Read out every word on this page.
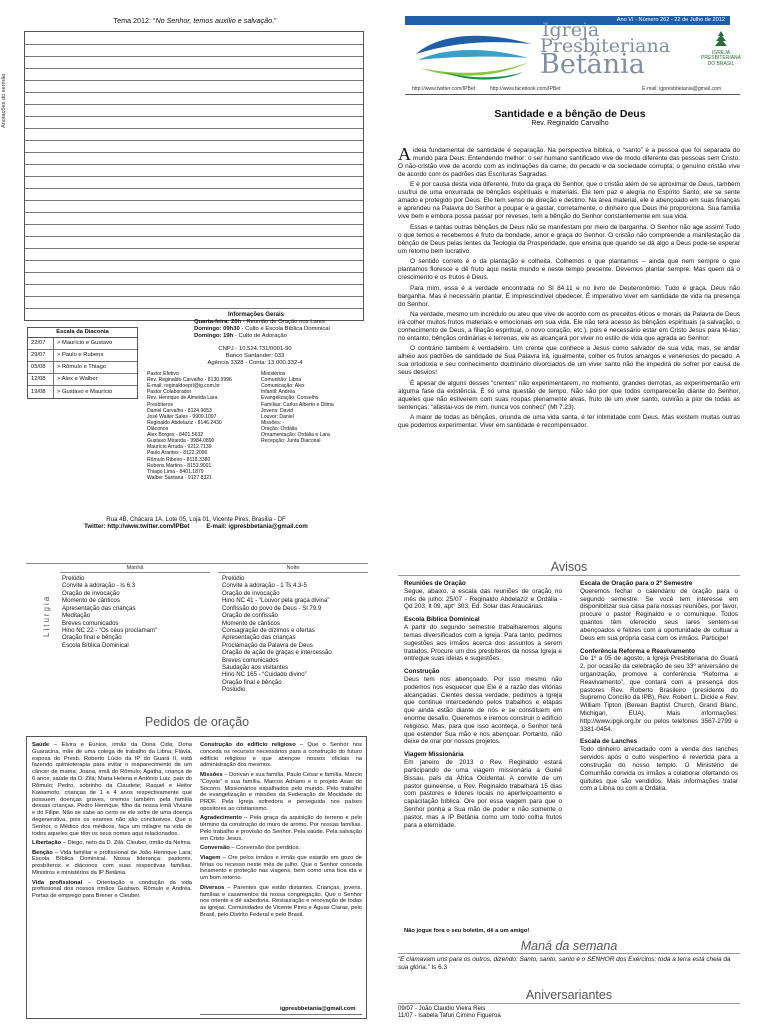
Tema 2012: “No Senhor, temos auxílio e salvação.”
Anotações do sermão
Informações Gerais
Quarta-feira: 20h - Reunião de Oração nos Lares
Domingo: 09h30 - Culto e Escola Bíblica Dominical
Domingo: 19h - Culto de Adoração
CNPJ - 10.524.731/0001-90
Banco Santander: 033
Agência 3328 - Conta: 13.000.332-4
Escala da Diaconia
22/07	> Maurício e Gustavo
29/07	> Paulo e Rubens
05/08	> Rômulo e Thiago
12/08	> Alex e Walber
19/08	> Gustavo e Maurício
Pastor Efetivo
Rev. Reginaldo Carvalho - 8130.9996
E-mail: reginaldoeprl@ig.com.br
Pastor Colaborador
Rev. Henrique de Almeida Lara
Presbíteros
Daniel Carvalho - 8124.9653
José Walter Sales - 9909.1097
Reginaldo Abdelaziz - 8146.2430
Diáconos
Alex Borges - 8401.5632
Gustavo Miranda - 9984.0890
Maurício Arruda - 9212.7139
Paulo Arantes - 8122.2096
Rômulo Ribeiro - 8118.3380
Rubens Martins - 8153.9001
Thiago Lima - 8401.1879
Walber Santana - 9127.8321
Ministérios
Comunhão: Libna
Comunicação: Alex
Infantil: Andréa
Evangelização: Conselho
Famílias: Carlos Alberto e Dilma
Jovens: David
Louvor: Daniel
Missões: -
Oração: Ordália
Ornamentação: Ordália e Lara
Recepção: Junta Diaconal
Rua 4B, Chácara 1A, Lote 05, Loja 01, Vicente Pires, Brasília - DF
Twitter: http://www.twitter.com/IPBet	E-mail: igpresbbetania@gmail.com
Ano VI - Número 262 - 22 de Julho de 2012
Igreja
Presbiteriana
Betânia	IGREJA
PRESBITERIANA
DO BRASIL
http://www.twitter.com/IPBet	http://www.facebook.com/IPBet	E-mail: igpresbbetania@gmail.com
Santidade e a bênção de Deus
Rev. Reginaldo Carvalho

A ideia fundamental de santidade é separação. Na perspectiva bíblica, o “santo” é a pessoa que foi separada do mundo para Deus. Entendendo melhor: o ser humano santificado vive de modo diferente das pessoas sem Cristo. O não-cristão vive de acordo com as inclinações da carne, do pecado e da sociedade corrupta; o genuíno cristão vive de acordo com os padrões das Escrituras Sagradas.

E é por causa desta vida diferente, fruto da graça do Senhor, que o cristão além de se aproximar de Deus, também usufrui de uma enxurrada de bênçãos espirituais e materiais. Ele tem paz e alegria no Espírito Santo; ele se sente amado e protegido por Deus. Ele tem senso de direção e destino. Na área material, ele é abençoado em suas finanças e aprendeu na Palavra do Senhor a poupar e a gastar, corretamente, o dinheiro que Deus lhe proporciona. Sua família vive bem e embora possa passar por reveses, tem a bênção do Senhor constantemente em sua vida.

Essas e tantas outras bênçãos de Deus não se manifestam por meio de barganha. O Senhor não age assim! Tudo o que temos e recebemos é fruto da bondade, amor e graça do Senhor. O cristão não compreende a manifestação da bênção de Deus pelas lentes da Teologia da Prosperidade, que ensina que quando se dá algo a Deus pode-se esperar um retorno bem lucrativo.

O sentido correto é o da plantação e colheita. Colhemos o que plantamos – ainda que nem sempre o que plantamos floresce e dê fruto aqui neste mundo e neste tempo presente. Devemos plantar sempre. Mas quem dá o crescimento e os frutos é Deus.

Para mim, essa é a verdade encontrada no Sl 84.11 e no livro de Deuteronômio. Tudo é graça. Deus não barganha. Mas é necessário plantar. É imprescindível obedecer. É imperativo viver em santidade de vida na presença do Senhor.

Na verdade, mesmo um incrédulo ou ateu que vive de acordo com os preceitos éticos e morais da Palavra de Deus irá colher muitos frutos materiais e emocionais em sua vida. Ele não terá acesso às bênçãos espirituais (a salvação, o conhecimento de Deus, a filiação espiritual, o novo coração, etc.), pois é necessário estar em Cristo Jesus para tê-las; no entanto, bênçãos ordinárias e terrenas, ele as alcançará por viver no estilo de vida que agrada ao Senhor.

O contrário também é verdadeiro. Um crente que conhece a Jesus como salvador de sua vida, mas, se andar alheio aos padrões de santidade de Sua Palavra irá, igualmente, colher os frutos amargos e venenosos do pecado. A sua ortodoxia e seu conhecimento doutrinário divorciados de um viver santo não lhe impedirá de sofrer por causa de seus desvios!

É apesar de alguns desses “crentes” não experimentarem, no momento, grandes derrotas, as experimentarão em alguma fase da existência. É só uma questão de tempo. Não são por que todos comparecerão diante do Senhor, aqueles que não estiverem com suas roupas plenamente alvas, fruto de um viver santo, ouvirão a pior de todas as sentenças: “afastai-vos de mim, nunca vos conheci” (Mt 7.23).

A maior de todas as bênçãos, oriunda de uma vida santa, é ter intimidade com Deus. Mas existem muitas outras que podemos experimentar. Viver em santidade é recompensador.

Manhã	Noite
Liturgia
Prelúdio
Convite à adoração - Is 6.3
Oração de invocação
Momento de cânticos
Apresentação das crianças
Meditação
Breves comunicados
Hino NC 22 - “Os céus proclamam”
Oração final e bênção
Escola Bíblica Dominical
Prelúdio
Convite à adoração - 1 Ts 4.3-5
Oração de invocação
Hino NC 41 - “Louvor pela graça divina”
Confissão do povo de Deus - Sl 79.9
Oração de confissão
Momento de cânticos
Consagração de dízimos e ofertas
Apresentação das crianças
Proclamação da Palavra de Deus
Oração de ação de graças e intercessão
Breves comunicados
Saudação aos visitantes
Hino NC 165 - “Cuidado divino”
Oração final e bênção
Poslúdio
Pedidos de oração

Saúde – Elvira e Eunice, irmãs da Dona Cida; Dona Guaracina, mãe de uma colega de trabalho da Libna; Flávia, esposa do Presb. Roberto Lúcio da IP do Guará II, está fazendo quimioterapia para evitar o reaparecimento de um câncer de mama; Joana, irmã do Rômulo; Agatha, criança de 6 anos; saúde da D. Zilá; Maria Helena e Antônio Luiz, pais do Rômulo; Pedro, sobrinho da Claudete; Raquel e Heitor Kawamoto, crianças de 1 e 4 anos respectivamente que possuem doenças graves, oremos também pela família dessas crianças. Pedro Henrique, filho da nossa irmã Viviane e do Filipe. Não se sabe ao certo se ele sofre de uma doença degenerativa, pois os exames não são conclusivos. Que o Senhor, o Médico dos médicos, faça um milagre na vida de todos aqueles que têm os seus nomes aqui relacionados.

Libertação – Diego, neto da D. Zilá. Cleuber, irmão da Nelma.

Benção – Vida familiar e profissional de João Henrique Lara; Escola Bíblica Dominical. Nossa liderança: pastores, presbíteros e diáconos com suas respectivas famílias. Ministros e ministérios da IP Betânia.

Vida profissional – Orientação e condução da vida profissional dos nossos irmãos Gustavo, Rômulo e Andréa. Portas de emprego para Brener e Cleuber.

Construção do edifício religioso – Que o Senhor nos conceda os recursos necessários para a construção do futuro edifício religioso e que abençoe nossos oficiais na administração dos mesmos.

Missões – Dorivan e sua família, Paulo César e família. Marcio “Coyote” e sua família. Marcos Adriano e o projeto Asas do Socorro. Missionários espalhados pelo mundo. Pelo trabalho de evangelização e missões da Federação de Mocidade do PRDF. Pela Igreja sofredora e perseguida nos países opositores ao cristianismo.

Agradecimento – Pela graça da aquisição do terreno e pelo término da construção do muro de arrimo. Por nossas famílias. Pelo trabalho e provisão do Senhor. Pela saúde. Pela salvação em Cristo Jesus.

Conversão – Conversão dos perdidos.

Viagem – Ore pelos irmãos e irmãs que estarão em gozo de férias ou recesso neste mês de julho. Que o Senhor conceda livramento e proteção nas viagens, bem como uma boa ida e um bom retorno.

Diversos – Parentes que estão distantes. Crianças, jovens, famílias e casamentos da nossa congregação. Que o Senhor nos oriente e dê sabedoria. Restauração e renovação de todas as igrejas. Comunidades de Vicente Pires e Águas Claras, pelo Brasil, pelo Distrito Federal e pelo Brasil.

igpresbbetania@gmail.com
Avisos
Reuniões de Oração
Segue, abaixo, a escala das reuniões de oração no mês de julho: 25/07 - Reginaldo Abdelaziz e Ordália - Qd 203, lt 09, apt° 303, Ed. Solar das Araucárias.
Escola Bíblica Dominical
A partir do segundo semestre trabalharemos alguns temas diversificados com a Igreja. Para tanto, pedimos sugestões aos irmãos acerca dos assuntos a serem tratados. Procure um dos presbíteros da nossa Igreja e entregue suas ideias e sugestões.
Construção
Deus tem nos abençoado. Por isso mesmo não podemos nos esquecer que Ele é a razão das vitórias alcançadas. Cientes dessa verdade, pedimos a Igreja que continue intercedendo pelos trabalhos e etapas que ainda estão diante de nós e se constituem em enorme desafio. Queremos e iremos construir o edifício religioso. Mas, para que isso aconteça, o Senhor terá que estender Sua mão e nos abençoar. Portanto, não deixe de orar por nossos projetos.
Viagem Missionária
Em janeiro de 2013 o Rev. Reginaldo estará participando de uma viagem missionária a Guiné Bissau, país da África Ocidental. A convite de um pastor guineense, o Rev. Reginaldo trabalhará 15 dias com pastores e líderes locais no aperfeiçoamento e capacitação bíblica. Ore por essa viagem para que o Senhor ponha a Sua mão de poder e não somente o pastor, mas a IP Betânia como um todo colha frutos para a eternidade.
Escala de Oração para o 2º Semestre
Queremos fechar o calendário de oração para o segundo semestre. Se você tem interesse em disponibilizar sua casa para nossas reuniões, por favor, procure o pastor Reginaldo e o comunique. Todos quantos têm oferecido seus lares sentem-se abençoados e felizes com a oportunidade de cultuar a Deus em sua própria casa com os irmãos. Participe!
Conferência Reforma e Reavivamento
De 1º a 05 de agosto, a Igreja Presbiteriana do Guará 2, por ocasião da celebração de seu 33º aniversário de organização, promove a conferência “Reforma e Reavivamento”, que contará com a presença dos pastores Rev. Roberto Brasileiro (presidente do Supremo Concílio da IPB), Rev. Robert L. Dickie e Rev. William Tipton (Berean Baptist Church, Grand Blanc, Michigan, EUA). Mais informações: http://www.ipgii.org.br ou pelos telefones 3567-2799 e 3381-0454.
Escala de Lanches
Todo dinheiro arrecadado com a venda dos lanches servidos após o culto vespertino é revertida para a construção do nosso templo. O Ministério de Comunhão convida os irmãos a colaborar ofertando os quitutes que são vendidos. Mais informações tratar com a Libna ou com a Ordália.
Não jogue fora o seu boletim, dê a um amigo!
Maná da semana
“E clamavam uns para os outros, dizendo: Santo, santo, santo é o SENHOR dos Exércitos; toda a terra está cheia da sua glória.” Is 6.3
Aniversariantes
09/07 - João Claudio Vieira Reis
11/07 - Isabela Tafuri Cimino Figueroa
